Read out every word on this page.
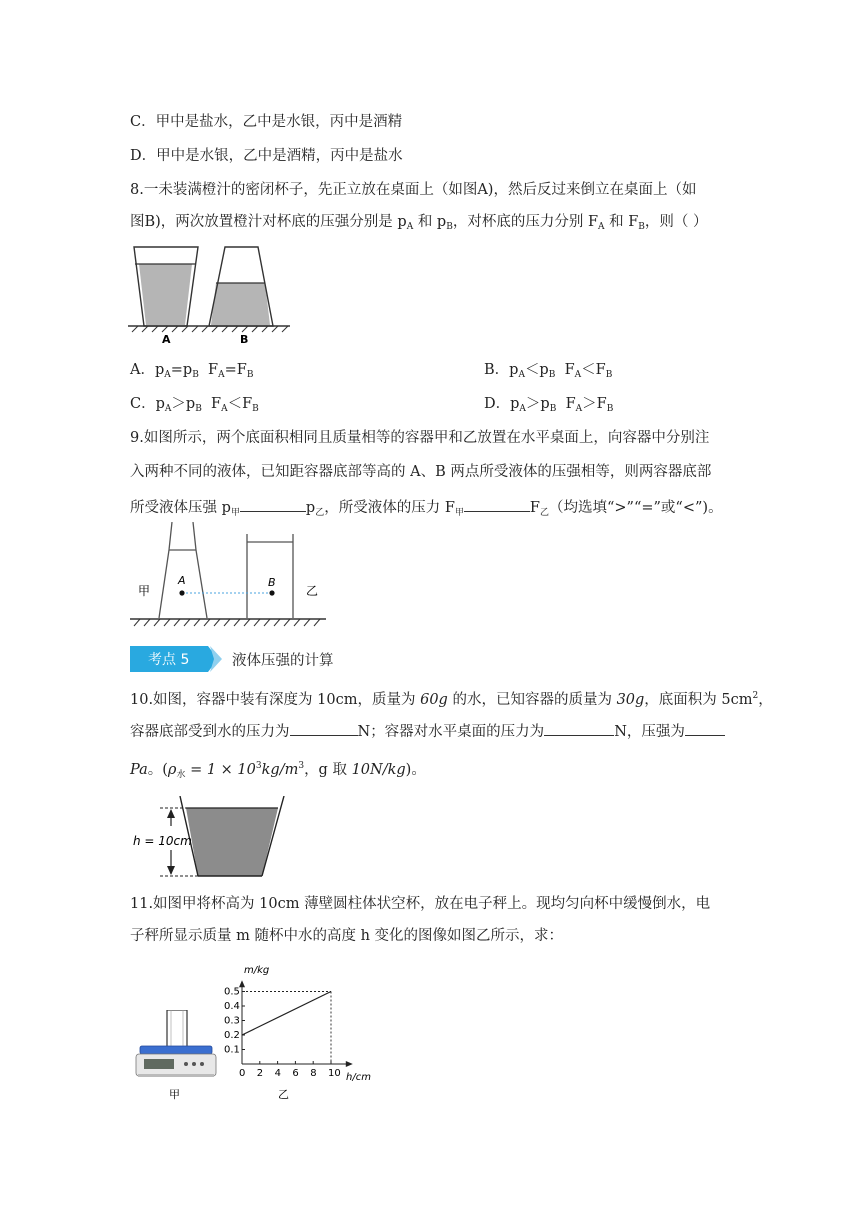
C．甲中是盐水，乙中是水银，丙中是酒精
D．甲中是水银，乙中是酒精，丙中是盐水
8.一未装满橙汁的密闭杯子，先正立放在桌面上（如图A)，然后反过来倒立在桌面上（如
图B)，两次放置橙汁对杯底的压强分别是 $p_A$ 和 $p_B$，对杯底的压力分别 $F_A$ 和 $F_B$，则（ ）
A	B
A．$p_A=p_B$ $F_A=F_B$	B．$p_A<p_B$ $F_A<F_B$
C．$p_A>p_B$ $F_A<F_B$	D．$p_A>p_B$ $F_A>F_B$
9.如图所示，两个底面积相同且质量相等的容器甲和乙放置在水平桌面上，向容器中分别注
入两种不同的液体，已知距容器底部等高的 A、B 两点所受液体的压强相等，则两容器底部
所受液体压强 $p_甲$	$p_乙$，所受液体的压力 $F_甲$	$F_乙$（均选填“>”“=”或“<”)。
A	B
甲	乙
考点 5	液体压强的计算
10.如图，容器中装有深度为 10cm，质量为 60g 的水，已知容器的质量为 30g，底面积为 $5cm^2$，
容器底部受到水的压力为	N；容器对水平桌面的压力为	N，压强为
Pa。($\rho_水 = 1 \times 10^3kg/m^3$，g 取 10N/kg)。
h = 10cm
11.如图甲将杯高为 10cm 薄壁圆柱体状空杯，放在电子秤上。现均匀向杯中缓慢倒水，电
子秤所显示质量 m 随杯中水的高度 h 变化的图像如图乙所示，求：
甲
0 2 4 6 8 10
0.1
0.2
0.3
0.4
0.5
m/kg
h/cm
乙
